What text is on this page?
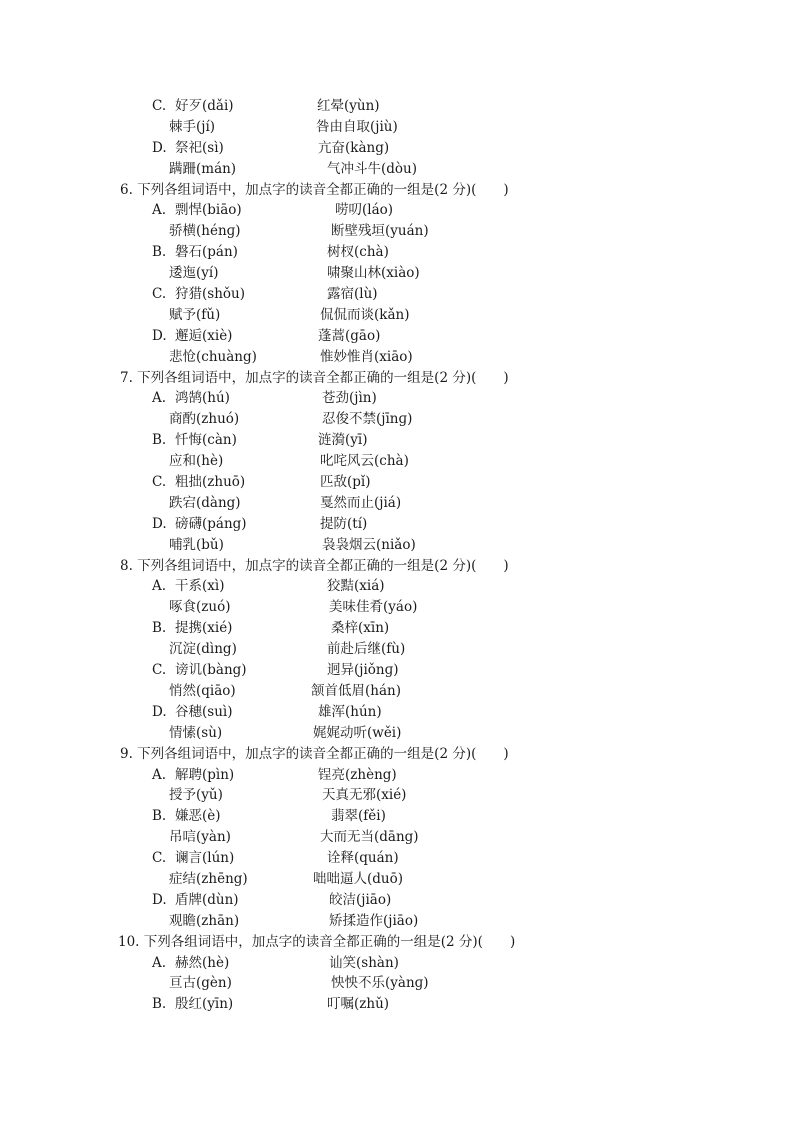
C. 好歹(dǎi)	红晕(yùn)
棘手(jí)	咎由自取(jiù)
D. 祭祀(sì)	亢奋(kàng)
蹒跚(mán)	气冲斗牛(dòu)
6. 下列各组词语中，加点字的读音全都正确的一组是(2 分)(　　)
A. 剽悍(biāo)	唠叨(láo)
骄横(hénɡ)	断壁残垣(yuán)
B. 磐石(pán)	树杈(chà)
逶迤(yí)	啸聚山林(xiào)
C. 狩猎(shǒu)	露宿(lù)
赋予(fǔ)	侃侃而谈(kǎn)
D. 邂逅(xiè)	蓬蒿(gāo)
悲怆(chuàng)	惟妙惟肖(xiāo)
7. 下列各组词语中，加点字的读音全都正确的一组是(2 分)(　　)
A. 鸿鹄(hú)	苍劲(jìn)
商酌(zhuó)	忍俊不禁(jīnɡ)
B. 忏悔(càn)	涟漪(yī)
应和(hè)	叱咤风云(chà)
C. 粗拙(zhuō)	匹敌(pǐ)
跌宕(dàng)	戛然而止(jiá)
D. 磅礴(páng)	提防(tí)
哺乳(bǔ)	袅袅烟云(niǎo)
8. 下列各组词语中，加点字的读音全都正确的一组是(2 分)(　　)
A. 干系(xì)	狡黠(xiá)
啄食(zuó)	美味佳肴(yáo)
B. 提携(xié)	桑梓(xīn)
沉淀(dìng)	前赴后继(fù)
C. 谤讥(bàng)	迥异(jiǒnɡ)
悄然(qiāo)	颔首低眉(hán)
D. 谷穗(suì)	雄浑(hún)
情愫(sù)	娓娓动听(wěi)
9. 下列各组词语中，加点字的读音全都正确的一组是(2 分)(　　)
A. 解聘(pìn)	锃亮(zhèng)
授予(yǔ)	天真无邪(xié)
B. 嫌恶(è)	翡翠(fěi)
吊唁(yàn)	大而无当(dāng)
C. 谰言(lún)	诠释(quán)
症结(zhēng)	咄咄逼人(duō)
D. 盾牌(dùn)	皎洁(jiāo)
观瞻(zhān)	矫揉造作(jiāo)
10. 下列各组词语中，加点字的读音全都正确的一组是(2 分)(　　)
A. 赫然(hè)	讪笑(shàn)
亘古(gèn)	怏怏不乐(yànɡ)
B. 殷红(yīn)	叮嘱(zhǔ)
